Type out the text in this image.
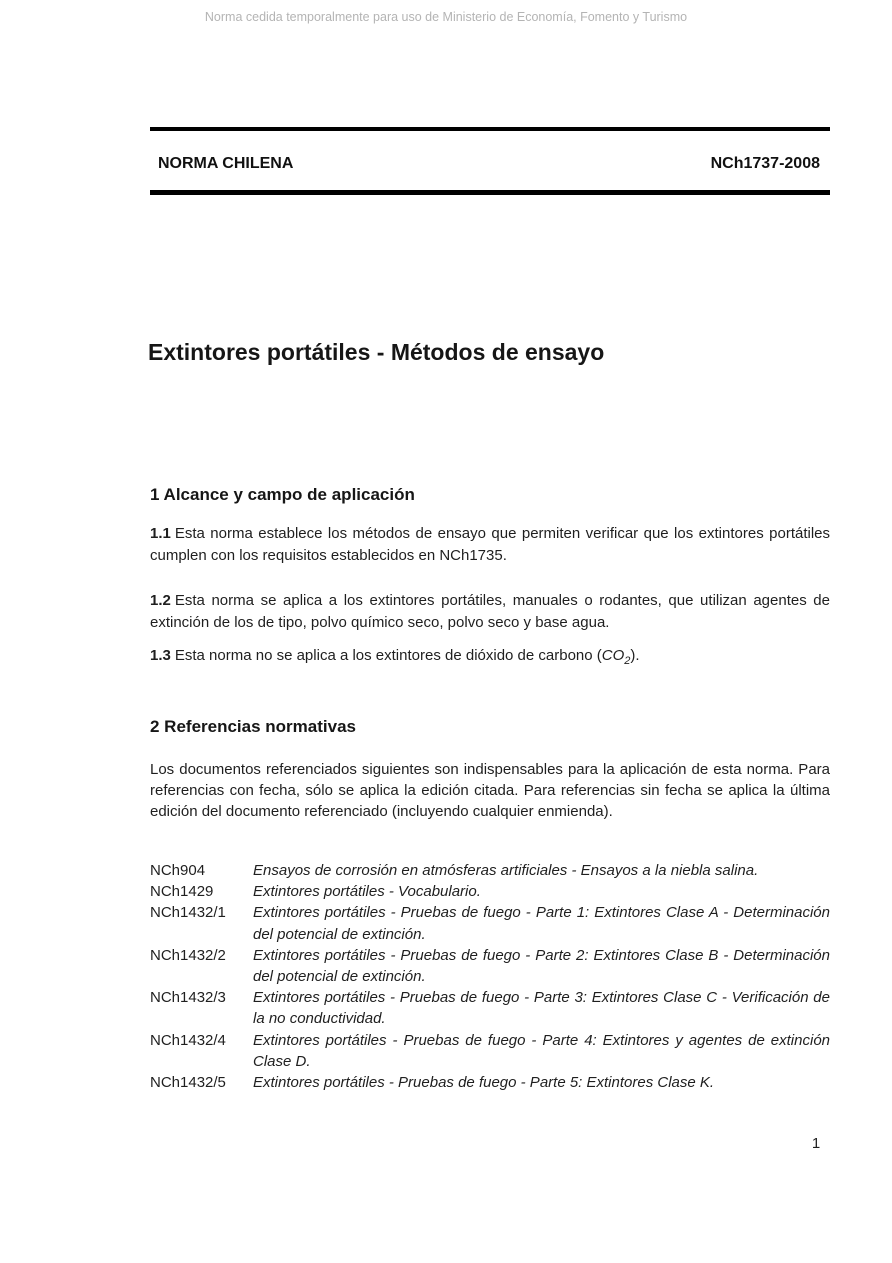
Norma cedida temporalmente para uso de Ministerio de Economía, Fomento y Turismo
NORMA CHILENA	NCh1737-2008
Extintores portátiles - Métodos de ensayo
1 Alcance y campo de aplicación

1.1 Esta norma establece los métodos de ensayo que permiten verificar que los extintores portátiles cumplen con los requisitos establecidos en NCh1735.

1.2 Esta norma se aplica a los extintores portátiles, manuales o rodantes, que utilizan agentes de extinción de los de tipo, polvo químico seco, polvo seco y base agua.

1.3 Esta norma no se aplica a los extintores de dióxido de carbono $(CO_2)$.

2 Referencias normativas

Los documentos referenciados siguientes son indispensables para la aplicación de esta norma. Para referencias con fecha, sólo se aplica la edición citada. Para referencias sin fecha se aplica la última edición del documento referenciado (incluyendo cualquier enmienda).

NCh904	Ensayos de corrosión en atmósferas artificiales - Ensayos a la niebla salina.
NCh1429	Extintores portátiles - Vocabulario.
NCh1432/1	Extintores portátiles - Pruebas de fuego - Parte 1: Extintores Clase A - Determinación del potencial de extinción.
NCh1432/2	Extintores portátiles - Pruebas de fuego - Parte 2: Extintores Clase B - Determinación del potencial de extinción.
NCh1432/3	Extintores portátiles - Pruebas de fuego - Parte 3: Extintores Clase C - Verificación de la no conductividad.
NCh1432/4	Extintores portátiles - Pruebas de fuego - Parte 4: Extintores y agentes de extinción Clase D.
NCh1432/5	Extintores portátiles - Pruebas de fuego - Parte 5: Extintores Clase K.
1
